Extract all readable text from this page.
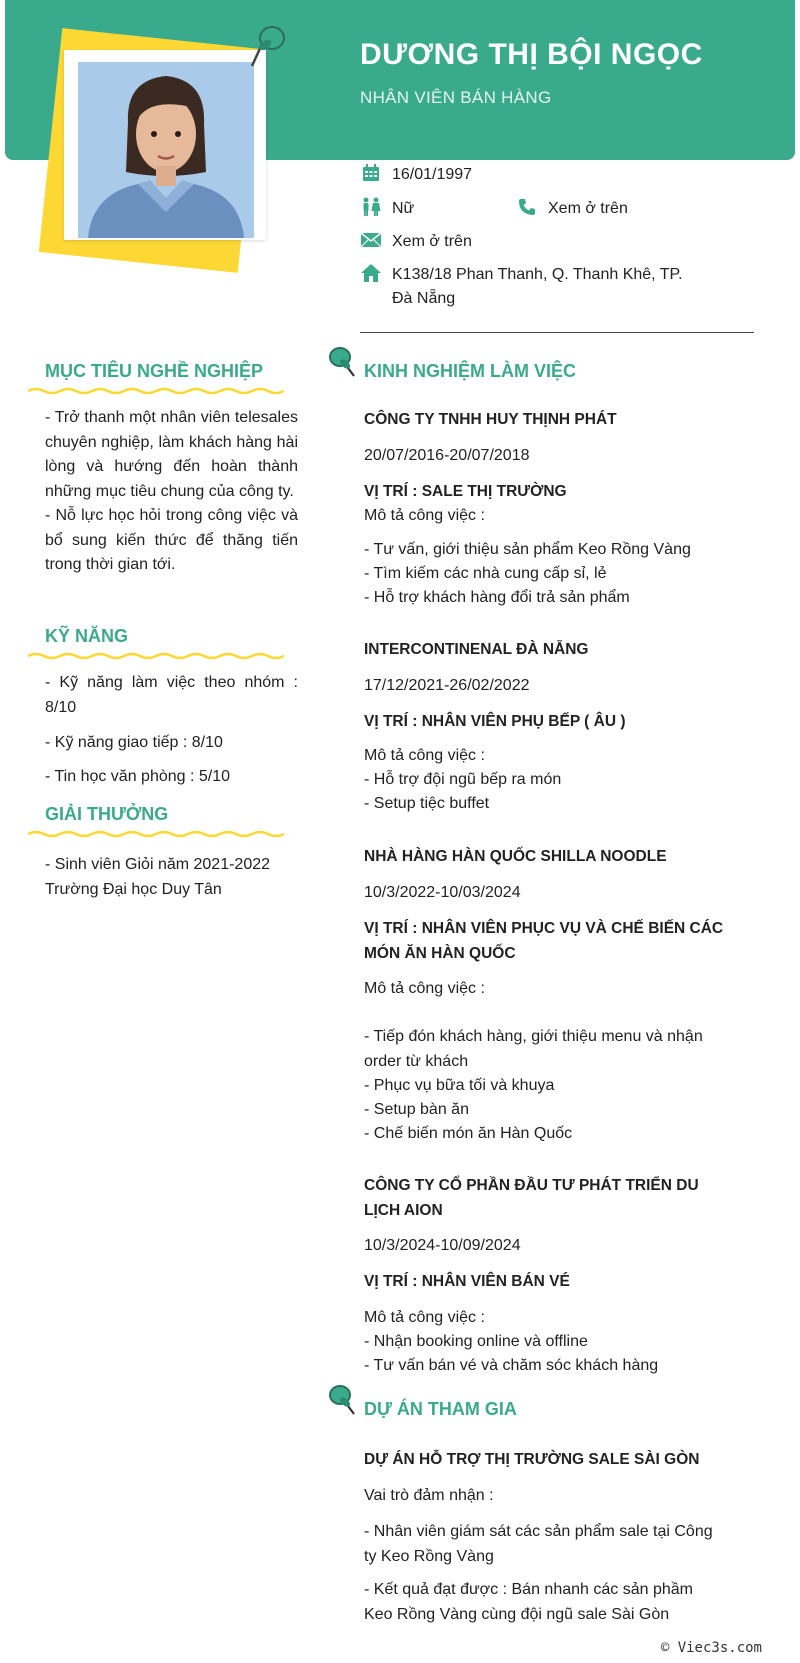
DƯƠNG THỊ BỘI NGỌC
NHÂN VIÊN BÁN HÀNG
16/01/1997
Nữ	Xem ở trên
Xem ở trên
K138/18 Phan Thanh, Q. Thanh Khê, TP.
Đà Nẵng
MỤC TIÊU NGHỀ NGHIỆP

- Trở thanh một nhân viên telesales chuyên nghiệp, làm khách hàng hài lòng và hướng đến hoàn thành những mục tiêu chung của công ty.

- Nỗ lực học hỏi trong công việc và bổ sung kiến thức để thăng tiến trong thời gian tới.

KỸ NĂNG
- Kỹ năng làm việc theo nhóm : 8/10
- Kỹ năng giao tiếp : 8/10
- Tin học văn phòng : 5/10
GIẢI THƯỞNG
- Sinh viên Giỏi năm 2021-2022 Trường Đại học Duy Tân
KINH NGHIỆM LÀM VIỆC
CÔNG TY TNHH HUY THỊNH PHÁT
20/07/2016-20/07/2018
VỊ TRÍ : SALE THỊ TRƯỜNG
Mô tả công việc :
- Tư vấn, giới thiệu sản phẩm Keo Rồng Vàng
- Tìm kiếm các nhà cung cấp sỉ, lẻ
- Hỗ trợ khách hàng đổi trả sản phẩm
INTERCONTINENAL ĐÀ NẴNG
17/12/2021-26/02/2022
VỊ TRÍ : NHÂN VIÊN PHỤ BẾP ( ÂU )
Mô tả công việc :
- Hỗ trợ đội ngũ bếp ra món
- Setup tiệc buffet
NHÀ HÀNG HÀN QUỐC SHILLA NOODLE
10/3/2022-10/03/2024
VỊ TRÍ : NHÂN VIÊN PHỤC VỤ VÀ CHẾ BIẾN CÁC MÓN ĂN HÀN QUỐC
Mô tả công việc :
- Tiếp đón khách hàng, giới thiệu menu và nhận order từ khách
- Phục vụ bữa tối và khuya
- Setup bàn ăn
- Chế biến món ăn Hàn Quốc
CÔNG TY CỔ PHẦN ĐẦU TƯ PHÁT TRIỂN DU LỊCH AION
10/3/2024-10/09/2024
VỊ TRÍ : NHÂN VIÊN BÁN VÉ
Mô tả công việc :
- Nhận booking online và offline
- Tư vấn bán vé và chăm sóc khách hàng
DỰ ÁN THAM GIA
DỰ ÁN HỖ TRỢ THỊ TRƯỜNG SALE SÀI GÒN
Vai trò đảm nhận :
- Nhân viên giám sát các sản phẩm sale tại Công ty Keo Rồng Vàng
- Kết quả đạt được : Bán nhanh các sản phầm Keo Rồng Vàng cùng đội ngũ sale Sài Gòn
© Viec3s.com
